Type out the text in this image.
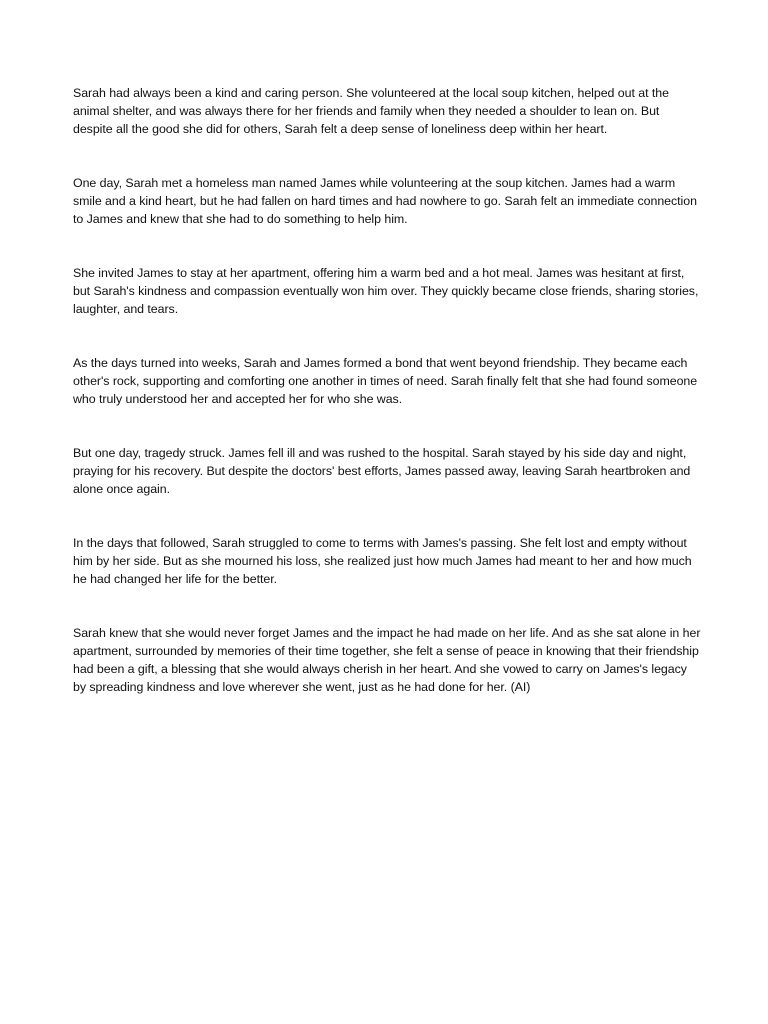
Sarah had always been a kind and caring person. She volunteered at the local soup kitchen, helped out at the animal shelter, and was always there for her friends and family when they needed a shoulder to lean on. But despite all the good she did for others, Sarah felt a deep sense of loneliness deep within her heart.

One day, Sarah met a homeless man named James while volunteering at the soup kitchen. James had a warm smile and a kind heart, but he had fallen on hard times and had nowhere to go. Sarah felt an immediate connection to James and knew that she had to do something to help him.

She invited James to stay at her apartment, offering him a warm bed and a hot meal. James was hesitant at first, but Sarah's kindness and compassion eventually won him over. They quickly became close friends, sharing stories, laughter, and tears.

As the days turned into weeks, Sarah and James formed a bond that went beyond friendship. They became each other's rock, supporting and comforting one another in times of need. Sarah finally felt that she had found someone who truly understood her and accepted her for who she was.

But one day, tragedy struck. James fell ill and was rushed to the hospital. Sarah stayed by his side day and night, praying for his recovery. But despite the doctors' best efforts, James passed away, leaving Sarah heartbroken and alone once again.

In the days that followed, Sarah struggled to come to terms with James's passing. She felt lost and empty without him by her side. But as she mourned his loss, she realized just how much James had meant to her and how much he had changed her life for the better.

Sarah knew that she would never forget James and the impact he had made on her life. And as she sat alone in her apartment, surrounded by memories of their time together, she felt a sense of peace in knowing that their friendship had been a gift, a blessing that she would always cherish in her heart. And she vowed to carry on James's legacy by spreading kindness and love wherever she went, just as he had done for her. (AI)
